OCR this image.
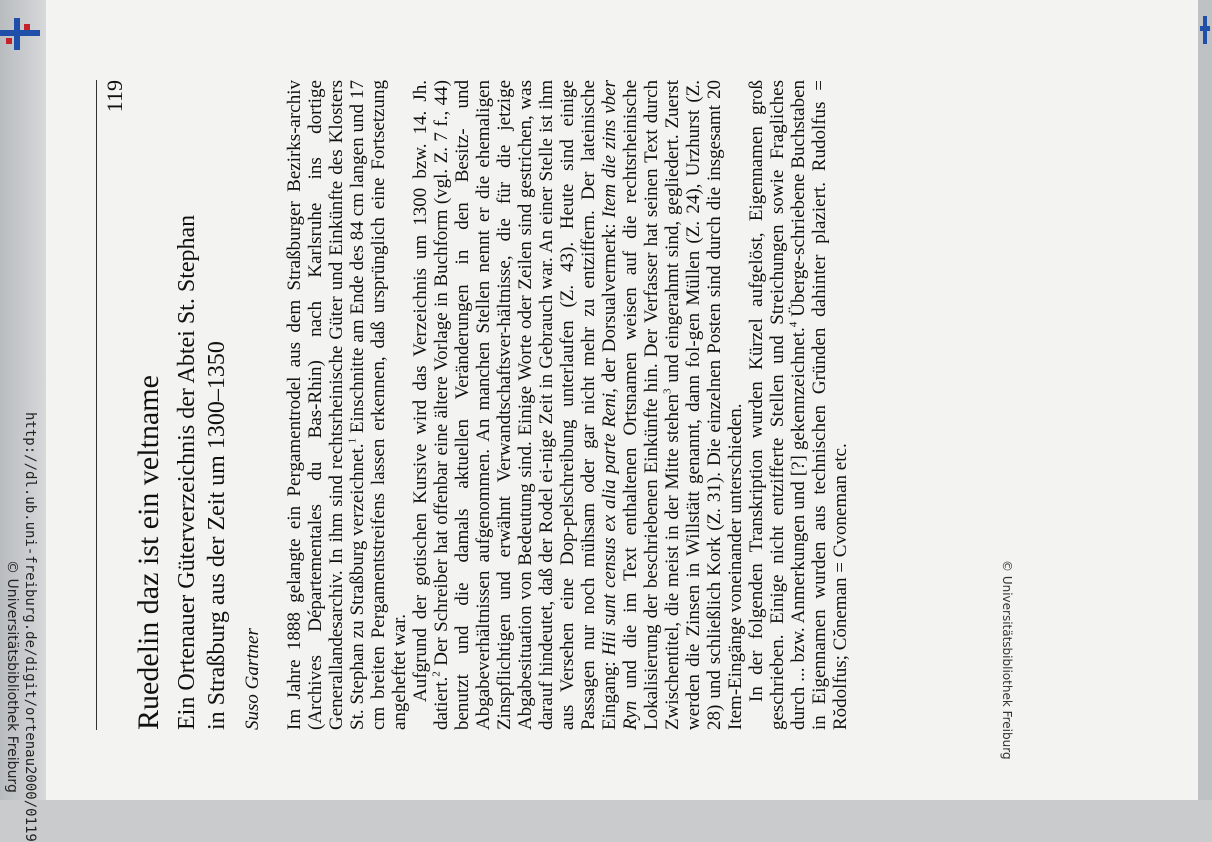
http://dl.ub.uni-freiburg.de/digit/ortenau2000/0119
© Universitätsbibliothek Freiburg
119
Ruedelin daz ist ein veltname Ein Ortenauer Güterverzeichnis der Abtei St. Stephan in Straßburg aus der Zeit um 1300–1350 Suso Gartner Im Jahre 1888 gelangte ein Pergamentrodel aus dem Straßburger Bezirks-archiv (Archives Départementales du Bas-Rhin) nach Karlsruhe ins dortige Generallandesarchiv. In ihm sind rechtsrheinische Güter und Einkünfte des Klosters St. Stephan zu Straßburg verzeichnet.$^1$ Einschnitte am Ende des 84 cm langen und 17 cm breiten Pergamentstreifens lassen erkennen, daß ursprünglich eine Fortsetzung angeheftet war. Aufgrund der gotischen Kursive wird das Verzeichnis um 1300 bzw. 14. Jh. datiert.$^2$ Der Schreiber hat offenbar eine ältere Vorlage in Buchform (vgl. Z. 7 f., 44) benutzt und die damals aktuellen Veränderungen in den Besitz- und Abgabeverhältnissen aufgenommen. An manchen Stellen nennt er die ehemaligen Zinspflichtigen und erwähnt Verwandtschaftsver-hältnisse, die für die jetzige Abgabesituation von Bedeutung sind. Einige Worte oder Zeilen sind gestrichen, was darauf hindeutet, daß der Rodel ei-nige Zeit in Gebrauch war. An einer Stelle ist ihm aus Versehen eine Dop-pelschreibung unterlaufen (Z. 43). Heute sind einige Passagen nur noch mühsam oder gar nicht mehr zu entziffern. Der lateinische Eingang: Hii sunt census ex alia parte Reni, der Dorsualvermerk: Item die zins vber Ryn und die im Text enthaltenen Ortsnamen weisen auf die rechtsrheinische Lokalisierung der beschriebenen Einkünfte hin. Der Verfasser hat seinen Text durch Zwischentitel, die meist in der Mitte stehen$^3$ und eingerahmt sind, gegliedert. Zuerst werden die Zinsen in Willstätt genannt, dann fol-gen Müllen (Z. 24), Urzhurst (Z. 28) und schließlich Kork (Z. 31). Die einzelnen Posten sind durch die insgesamt 20 Item-Eingänge voneinander unterschieden. In der folgenden Transkription wurden Kürzel aufgelöst, Eigennamen groß geschrieben. Einige nicht entzifferte Stellen und Streichungen sowie Fragliches durch ... bzw. Anmerkungen und [?] gekennzeichnet.$^4$ Überge-schriebene Buchstaben in Eigennamen wurden aus technischen Gründen dahinter plaziert. Rudolfus = Rŏdolfus; Cŏneman = Cvoneman etc.	© Universitätsbibliothek Freiburg
